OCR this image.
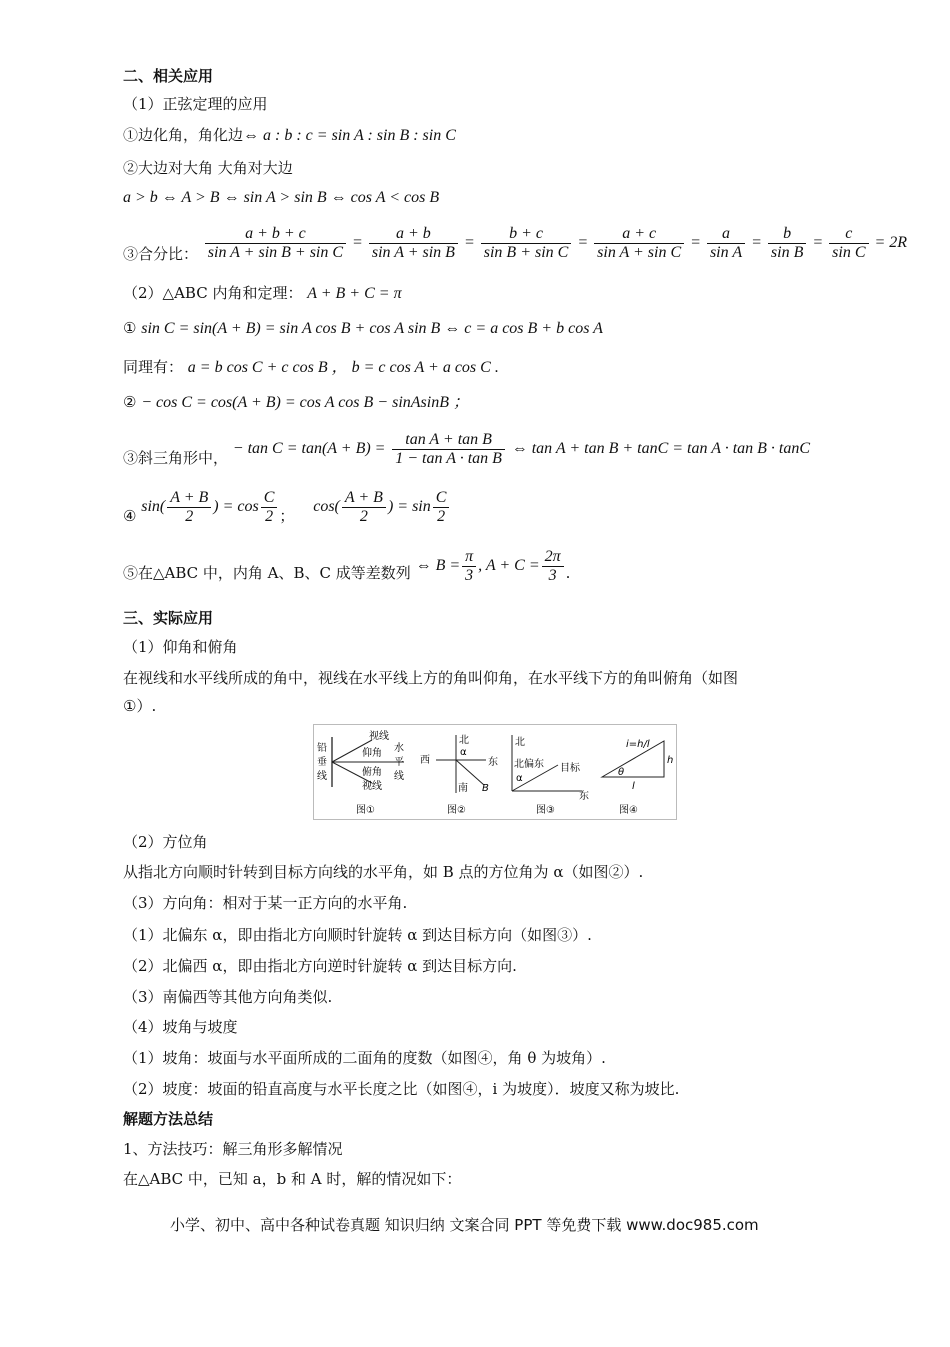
二、相关应用
（1）正弦定理的应用
①边化角，角化边⇔ a : b : c = sin A : sin B : sin C
②大边对大角 大角对大边
a > b ⇔ A > B ⇔ sin A > sin B ⇔ cos A < cos B
③合分比： $\frac{a + b + c}{\text{sin A + sin B + sin C}} = \frac{a + b}{\text{sin A + sin B}} = \frac{b + c}{\text{sin B + sin C}} = \frac{a + c}{\text{sin A + sin C}} = \frac{a}{\text{sin A}} = \frac{b}{\text{sin B}} = \frac{c}{\text{sin C}} = 2R$
（2）△ABC 内角和定理： A + B + C = π
① sin C = sin(A + B) = sin A cos B + cos A sin B ⇔ c = a cos B + b cos A
同理有： a = b cos C + c cos B ， b = c cos A + a cos C .
② − cos C = cos(A + B) = cos A cos B − sinAsinB ；
③斜三角形中， − $\tan C = \tan(A + B) = \frac{\text{tan A + tan B}}{\text{1 − tan A · tan B}}$ ⇔ tan A + tan B + tanC = tan A · tan B · tanC
④ $\sin( \frac{A + B}{2}$ ) = $\cos \frac{C}{2}$ ； $\cos( \frac{A + B}{2}$ ) = $\sin \frac{C}{2}$
⑤在△ABC 中，内角 A、B、C 成等差数列 ⇔ $B = \frac{\pi}{3}$ , $A + C = \frac{2\pi}{3}$ .
三、实际应用
（1）仰角和俯角
在视线和水平线所成的角中，视线在水平线上方的角叫仰角，在水平线下方的角叫俯角（如图
①）.
视线
仰角
俯角
视线
铅
垂
线
水
平
线
图①
北
西	东
南 B
α
图②
北
北偏东 目标
α
东
图③
i=h/l
θ
h
l
图④
（2）方位角
从指北方向顺时针转到目标方向线的水平角，如 B 点的方位角为 α（如图②）.
（3）方向角：相对于某一正方向的水平角.
（1）北偏东 α，即由指北方向顺时针旋转 α 到达目标方向（如图③）.
（2）北偏西 α，即由指北方向逆时针旋转 α 到达目标方向.
（3）南偏西等其他方向角类似.
（4）坡角与坡度
（1）坡角：坡面与水平面所成的二面角的度数（如图④，角 θ 为坡角）.
（2）坡度：坡面的铅直高度与水平长度之比（如图④，i 为坡度）．坡度又称为坡比.
解题方法总结
1、方法技巧：解三角形多解情况
在△ABC 中，已知 a，b 和 A 时，解的情况如下：
小学、初中、高中各种试卷真题 知识归纳 文案合同 PPT 等免费下载 www.doc985.com
